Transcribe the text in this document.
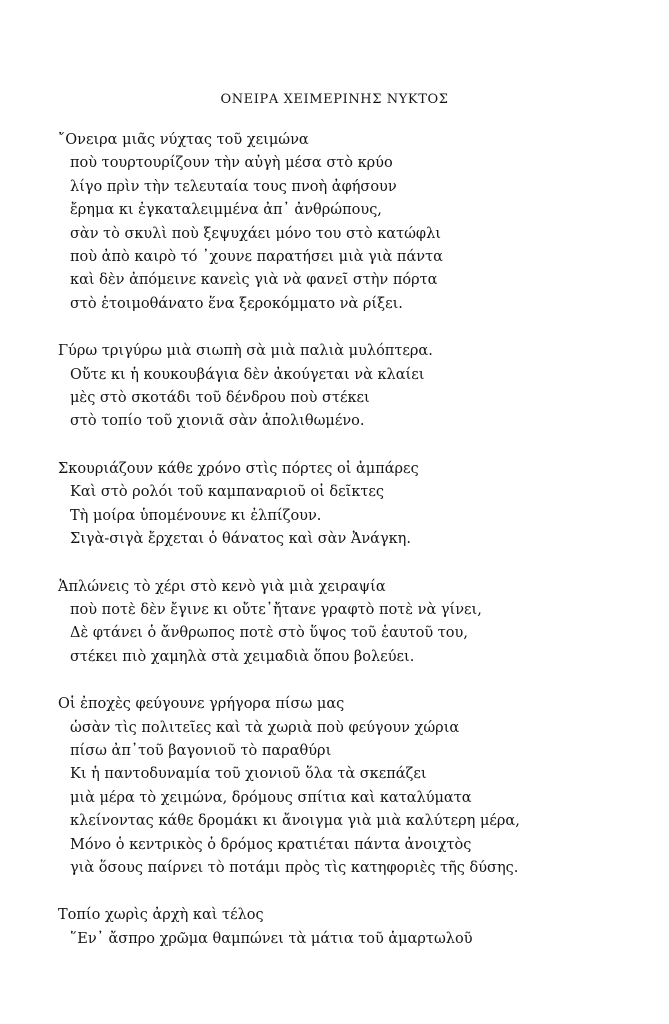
ΟΝΕΙΡΑ ΧΕΙΜΕΡΙΝΗΣ ΝΥΚΤΟΣ
῎Ονειρα μιᾶς νύχτας τοῦ χειμώνα
ποὺ τουρτουρίζουν τὴν αὐγὴ μέσα στὸ κρύο
λίγο πρὶν τὴν τελευταία τους πνοὴ ἀφήσουν
ἔρημα κι ἐγκαταλειμμένα ἀπ᾽ ἀνθρώπους,
σὰν τὸ σκυλὶ ποὺ ξεψυχάει μόνο του στὸ κατώφλι
ποὺ ἀπὸ καιρὸ τό ᾽χουνε παρατήσει μιὰ γιὰ πάντα
καὶ δὲν ἀπόμεινε κανεὶς γιὰ νὰ φανεῖ στὴν πόρτα
στὸ ἑτοιμοθάνατο ἕνα ξεροκόμματο νὰ ρίξει.
Γύρω τριγύρω μιὰ σιωπὴ σὰ μιὰ παλιὰ μυλόπτερα.
Οὔτε κι ἡ κουκουβάγια δὲν ἀκούγεται νὰ κλαίει
μὲς στὸ σκοτάδι τοῦ δένδρου ποὺ στέκει
στὸ τοπίο τοῦ χιονιᾶ σὰν ἀπολιθωμένο.
Σκουριάζουν κάθε χρόνο στὶς πόρτες οἱ ἀμπάρες
Καὶ στὸ ρολόι τοῦ καμπαναριοῦ οἱ δεῖκτες
Τὴ μοίρα ὑπομένουνε κι ἐλπίζουν.
Σιγὰ-σιγὰ ἔρχεται ὁ θάνατος καὶ σὰν Ἀνάγκη.
Ἁπλώνεις τὸ χέρι στὸ κενὸ γιὰ μιὰ χειραψία
ποὺ ποτὲ δὲν ἔγινε κι οὔτε᾽ἤτανε γραφτὸ ποτὲ νὰ γίνει,
Δὲ φτάνει ὁ ἄνθρωπος ποτὲ στὸ ὕψος τοῦ ἑαυτοῦ του,
στέκει πιὸ χαμηλὰ στὰ χειμαδιὰ ὅπου βολεύει.
Οἱ ἐποχὲς φεύγουνε γρήγορα πίσω μας
ὡσὰν τὶς πολιτεῖες καὶ τὰ χωριὰ ποὺ φεύγουν χώρια
πίσω ἀπ᾽τοῦ βαγονιοῦ τὸ παραθύρι
Κι ἡ παντοδυναμία τοῦ χιονιοῦ ὅλα τὰ σκεπάζει
μιὰ μέρα τὸ χειμώνα, δρόμους σπίτια καὶ καταλύματα
κλείνοντας κάθε δρομάκι κι ἄνοιγμα γιὰ μιὰ καλύτερη μέρα,
Μόνο ὁ κεντρικὸς ὁ δρόμος κρατιέται πάντα ἀνοιχτὸς
γιὰ ὅσους παίρνει τὸ ποτάμι πρὸς τὶς κατηφοριὲς τῆς δύσης.
Τοπίο χωρὶς ἀρχὴ καὶ τέλος
῞Εν᾽ ἄσπρο χρῶμα θαμπώνει τὰ μάτια τοῦ ἁμαρτωλοῦ
